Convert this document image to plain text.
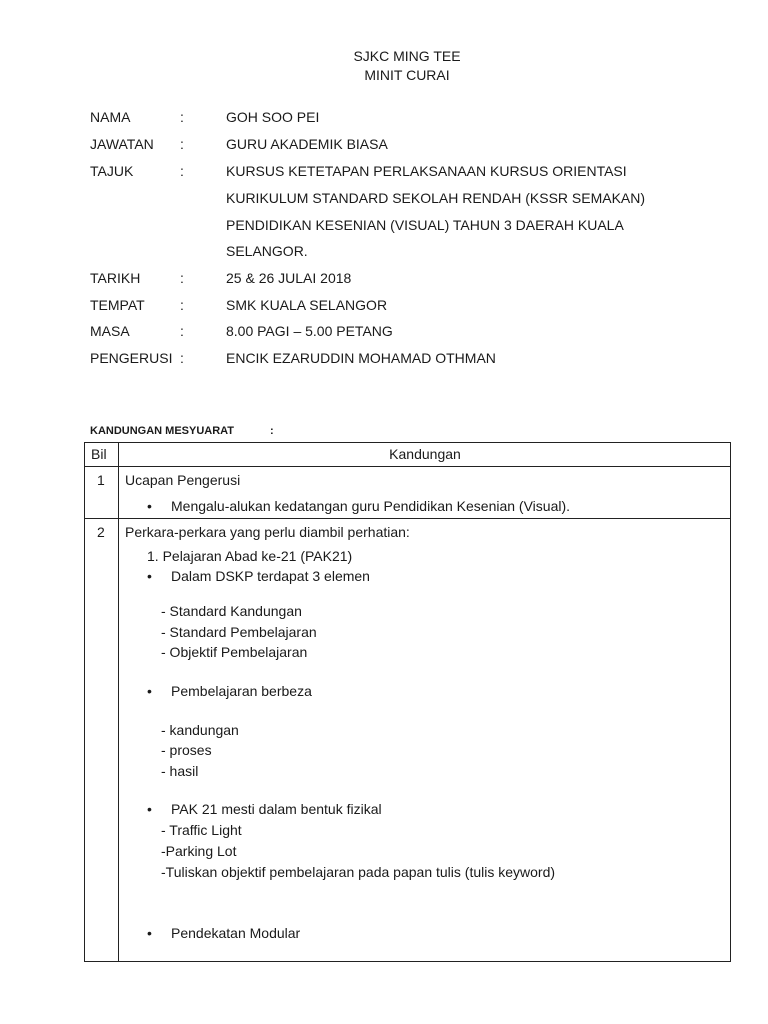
SJKC MING TEE
MINIT CURAI
NAMA	:	GOH SOO PEI
JAWATAN :	GURU AKADEMIK BIASA
TAJUK	:	KURSUS KETETAPAN PERLAKSANAAN KURSUS ORIENTASI
KURIKULUM STANDARD SEKOLAH RENDAH (KSSR SEMAKAN)
PENDIDIKAN KESENIAN (VISUAL) TAHUN 3 DAERAH KUALA
SELANGOR.
TARIKH	:	25 & 26 JULAI 2018
TEMPAT	:	SMK KUALA SELANGOR
MASA	:	8.00 PAGI – 5.00 PETANG
PENGERUSI :	ENCIK EZARUDDIN MOHAMAD OTHMAN
KANDUNGAN MESYUARAT	:
Bil	Kandungan
1 Ucapan Pengerusi
• Mengalu-alukan kedatangan guru Pendidikan Kesenian (Visual).
2 Perkara-perkara yang perlu diambil perhatian:
1. Pelajaran Abad ke-21 (PAK21)
• Dalam DSKP terdapat 3 elemen
- Standard Kandungan
- Standard Pembelajaran
- Objektif Pembelajaran
• Pembelajaran berbeza
- kandungan
- proses
- hasil
• PAK 21 mesti dalam bentuk fizikal
- Traffic Light
-Parking Lot
-Tuliskan objektif pembelajaran pada papan tulis (tulis keyword)
• Pendekatan Modular
